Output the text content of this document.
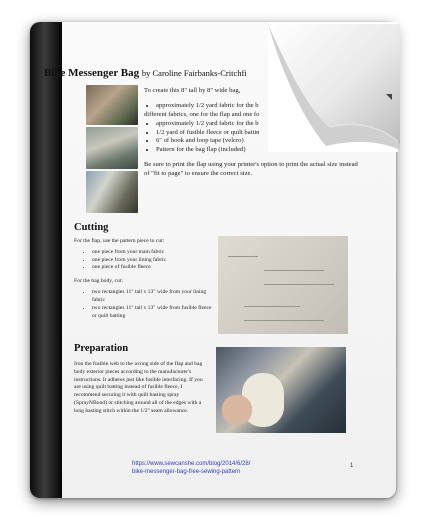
Bike Messenger Bag by Caroline Fairbanks-Critchfi

To create this 8" tall by 8" wide bag,

• approximately 1/2 yard fabric for the b

different fabrics, one for the flap and one fo

• approximately 1/2 yard fabric for the b
• 1/2 yard of fusible fleece or quilt battin
• 6" of hook and loop tape (velcro)
• Pattern for the bag flap (included)

Be sure to print the flap using your printer's option to print the actual size instead of "fit to page" to ensure the correct size.

Cutting

For the flap, use the pattern piece to cut:

• one piece from your main fabric
• one piece from your lining fabric
• one piece of fusible fleece

For the bag body, cut:

• two rectangles 11" tall x 13" wide from your lining fabric
• two rectangles 11" tall x 13" wide from fusible fleece or quilt batting
Preparation
Iron the fusible web to the wrong side of the flap and bag body exterior pieces according to the manufacturer's instructions. It adheres just like fusible interfacing. If you are using quilt batting instead of fusible fleece, I recommend securing it with quilt basting spray (SprayNBond) or stitching around all of the edges with a long basting stitch within the 1/2" seam allowance.
https://www.sewcanshe.com/blog/2014/6/28/
bike-messenger-bag-free-sewing-pattern
1
